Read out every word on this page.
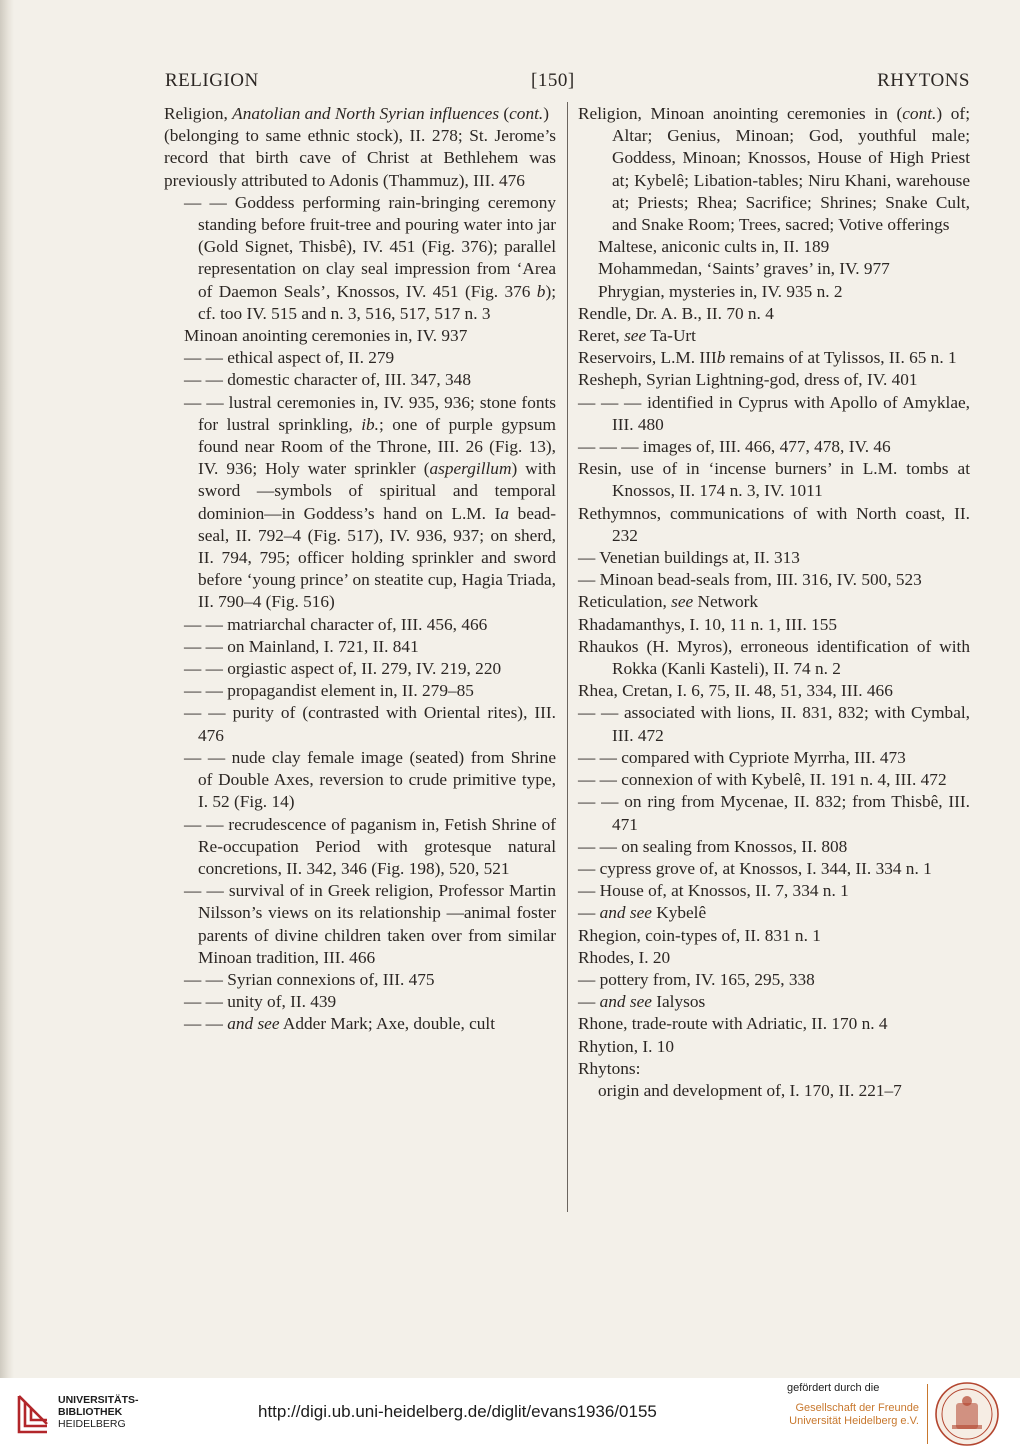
RELIGION	[150]	RHYTONS

Religion, Anatolian and North Syrian influences (cont.)

(belonging to same ethnic stock), II. 278; St. Jerome’s record that birth cave of Christ at Bethlehem was previously attributed to Adonis (Thammuz), III. 476

— — Goddess performing rain-bringing ceremony standing before fruit-tree and pouring water into jar (Gold Signet, Thisbê), IV. 451 (Fig. 376); parallel representation on clay seal impression from ‘Area of Daemon Seals’, Knossos, IV. 451 (Fig. 376 b); cf. too IV. 515 and n. 3, 516, 517, 517 n. 3

Minoan anointing ceremonies in, IV. 937

— — ethical aspect of, II. 279

— — domestic character of, III. 347, 348

— — lustral ceremonies in, IV. 935, 936; stone fonts for lustral sprinkling, ib.; one of purple gypsum found near Room of the Throne, III. 26 (Fig. 13), IV. 936; Holy water sprinkler (aspergillum) with sword —symbols of spiritual and temporal dominion—in Goddess’s hand on L.M. Ia bead-seal, II. 792–4 (Fig. 517), IV. 936, 937; on sherd, II. 794, 795; officer holding sprinkler and sword before ‘young prince’ on steatite cup, Hagia Triada, II. 790–4 (Fig. 516)

— — matriarchal character of, III. 456, 466

— — on Mainland, I. 721, II. 841

— — orgiastic aspect of, II. 279, IV. 219, 220

— — propagandist element in, II. 279–85

— — purity of (contrasted with Oriental rites), III. 476

— — nude clay female image (seated) from Shrine of Double Axes, reversion to crude primitive type, I. 52 (Fig. 14)

— — recrudescence of paganism in, Fetish Shrine of Re-occupation Period with grotesque natural concretions, II. 342, 346 (Fig. 198), 520, 521

— — survival of in Greek religion, Professor Martin Nilsson’s views on its relationship —animal foster parents of divine children taken over from similar Minoan tradition, III. 466

— — Syrian connexions of, III. 475

— — unity of, II. 439

— — and see Adder Mark; Axe, double, cult

Religion, Minoan anointing ceremonies in (cont.) of; Altar; Genius, Minoan; God, youthful male; Goddess, Minoan; Knossos, House of High Priest at; Kybelê; Libation-tables; Niru Khani, warehouse at; Priests; Rhea; Sacrifice; Shrines; Snake Cult, and Snake Room; Trees, sacred; Votive offerings

Maltese, aniconic cults in, II. 189

Mohammedan, ‘Saints’ graves’ in, IV. 977

Phrygian, mysteries in, IV. 935 n. 2

Rendle, Dr. A. B., II. 70 n. 4

Reret, see Ta-Urt

Reservoirs, L.M. IIIb remains of at Tylissos, II. 65 n. 1

Resheph, Syrian Lightning-god, dress of, IV. 401

— — — identified in Cyprus with Apollo of Amyklae, III. 480

— — — images of, III. 466, 477, 478, IV. 46

Resin, use of in ‘incense burners’ in L.M. tombs at Knossos, II. 174 n. 3, IV. 1011

Rethymnos, communications of with North coast, II. 232

— Venetian buildings at, II. 313

— Minoan bead-seals from, III. 316, IV. 500, 523

Reticulation, see Network

Rhadamanthys, I. 10, 11 n. 1, III. 155

Rhaukos (H. Myros), erroneous identification of with Rokka (Kanli Kasteli), II. 74 n. 2

Rhea, Cretan, I. 6, 75, II. 48, 51, 334, III. 466

— — associated with lions, II. 831, 832; with Cymbal, III. 472

— — compared with Cypriote Myrrha, III. 473

— — connexion of with Kybelê, II. 191 n. 4, III. 472

— — on ring from Mycenae, II. 832; from Thisbê, III. 471

— — on sealing from Knossos, II. 808

— cypress grove of, at Knossos, I. 344, II. 334 n. 1

— House of, at Knossos, II. 7, 334 n. 1

— and see Kybelê

Rhegion, coin-types of, II. 831 n. 1

Rhodes, I. 20

— pottery from, IV. 165, 295, 338

— and see Ialysos

Rhone, trade-route with Adriatic, II. 170 n. 4

Rhytion, I. 10

Rhytons:

origin and development of, I. 170, II. 221–7

UNIVERSITÄTS-
BIBLIOTHEK
HEIDELBERG
http://digi.ub.uni-heidelberg.de/diglit/evans1936/0155
gefördert durch die
Gesellschaft der Freunde
Universität Heidelberg e.V.
